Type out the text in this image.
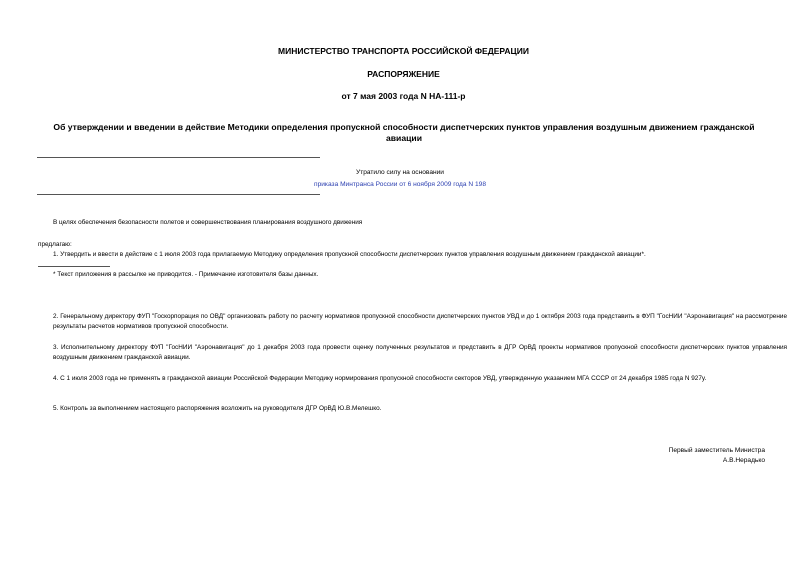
МИНИСТЕРСТВО ТРАНСПОРТА РОССИЙСКОЙ ФЕДЕРАЦИИ
РАСПОРЯЖЕНИЕ
от 7 мая 2003 года N НА-111-р
Об утверждении и введении в действие Методики определения пропускной способности диспетчерских пунктов управления воздушным движением гражданской авиации
Утратило силу на основании
приказа Минтранса России от 6 ноября 2009 года N 198
В целях обеспечения безопасности полетов и совершенствования планирования воздушного движения
предлагаю:
1. Утвердить и ввести в действие с 1 июля 2003 года прилагаемую Методику определения пропускной способности диспетчерских пунктов управления воздушным движением гражданской авиации*.
* Текст приложения в рассылке не приводится. - Примечание изготовителя базы данных.
2. Генеральному директору ФУП "Госкорпорация по ОВД" организовать работу по расчету нормативов пропускной способности диспетчерских пунктов УВД и до 1 октября 2003 года представить в ФУП "ГосНИИ "Аэронавигация" на рассмотрение результаты расчетов нормативов пропускной способности.
3. Исполнительному директору ФУП "ГосНИИ "Аэронавигация" до 1 декабря 2003 года провести оценку полученных результатов и представить в ДГР ОрВД проекты нормативов пропускной способности диспетчерских пунктов управления воздушным движением гражданской авиации.
4. С 1 июля 2003 года не применять в гражданской авиации Российской Федерации Методику нормирования пропускной способности секторов УВД, утвержденную указанием МГА СССР от 24 декабря 1985 года N 927у.
5. Контроль за выполнением настоящего распоряжения возложить на руководителя ДГР ОрВД Ю.В.Мелешко.
Первый заместитель Министра
А.В.Нерадько
